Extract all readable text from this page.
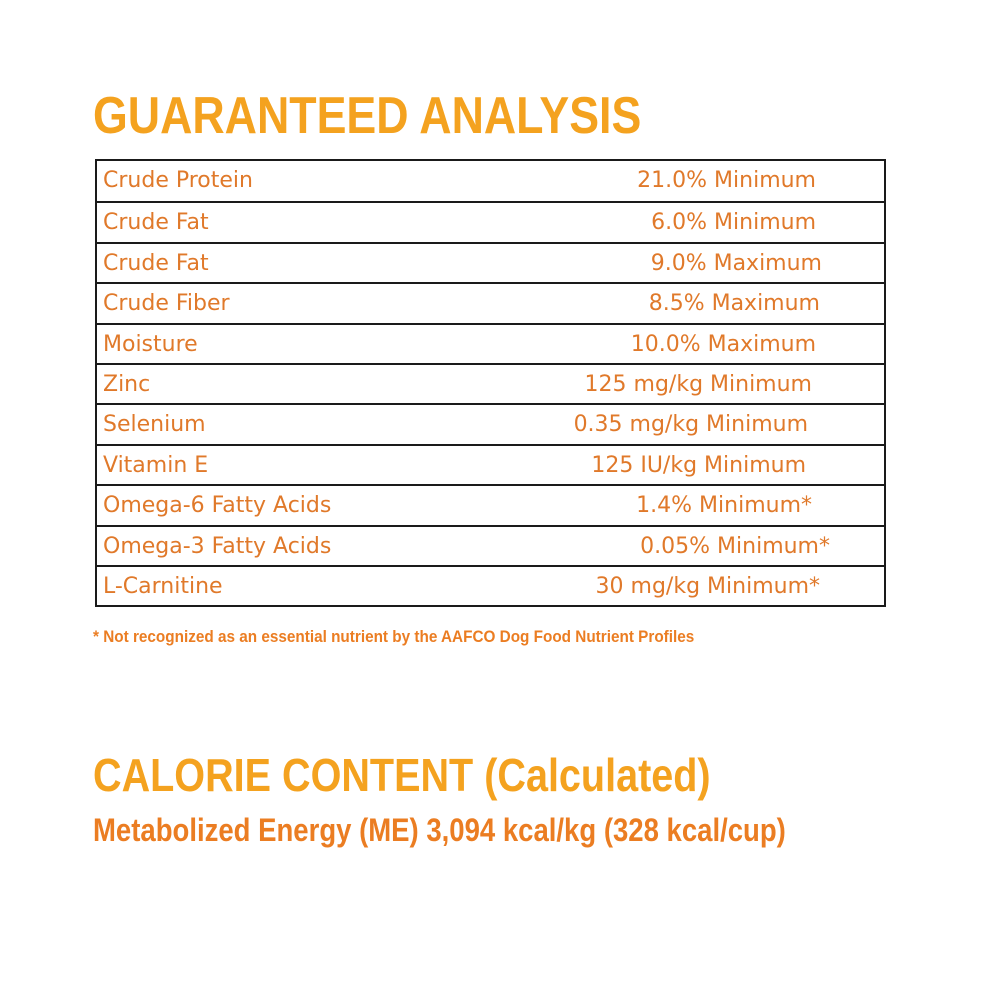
GUARANTEED ANALYSIS
Crude Protein	21.0% Minimum
Crude Fat	6.0% Minimum
Crude Fat	9.0% Maximum
Crude Fiber	8.5% Maximum
Moisture	10.0% Maximum
Zinc	125 mg/kg Minimum
Selenium	0.35 mg/kg Minimum
Vitamin E	125 IU/kg Minimum
Omega-6 Fatty Acids	1.4% Minimum*
Omega-3 Fatty Acids	0.05% Minimum*
L-Carnitine	30 mg/kg Minimum*

* Not recognized as an essential nutrient by the AAFCO Dog Food Nutrient Profiles

CALORIE CONTENT (Calculated)

Metabolized Energy (ME) 3,094 kcal/kg (328 kcal/cup)
